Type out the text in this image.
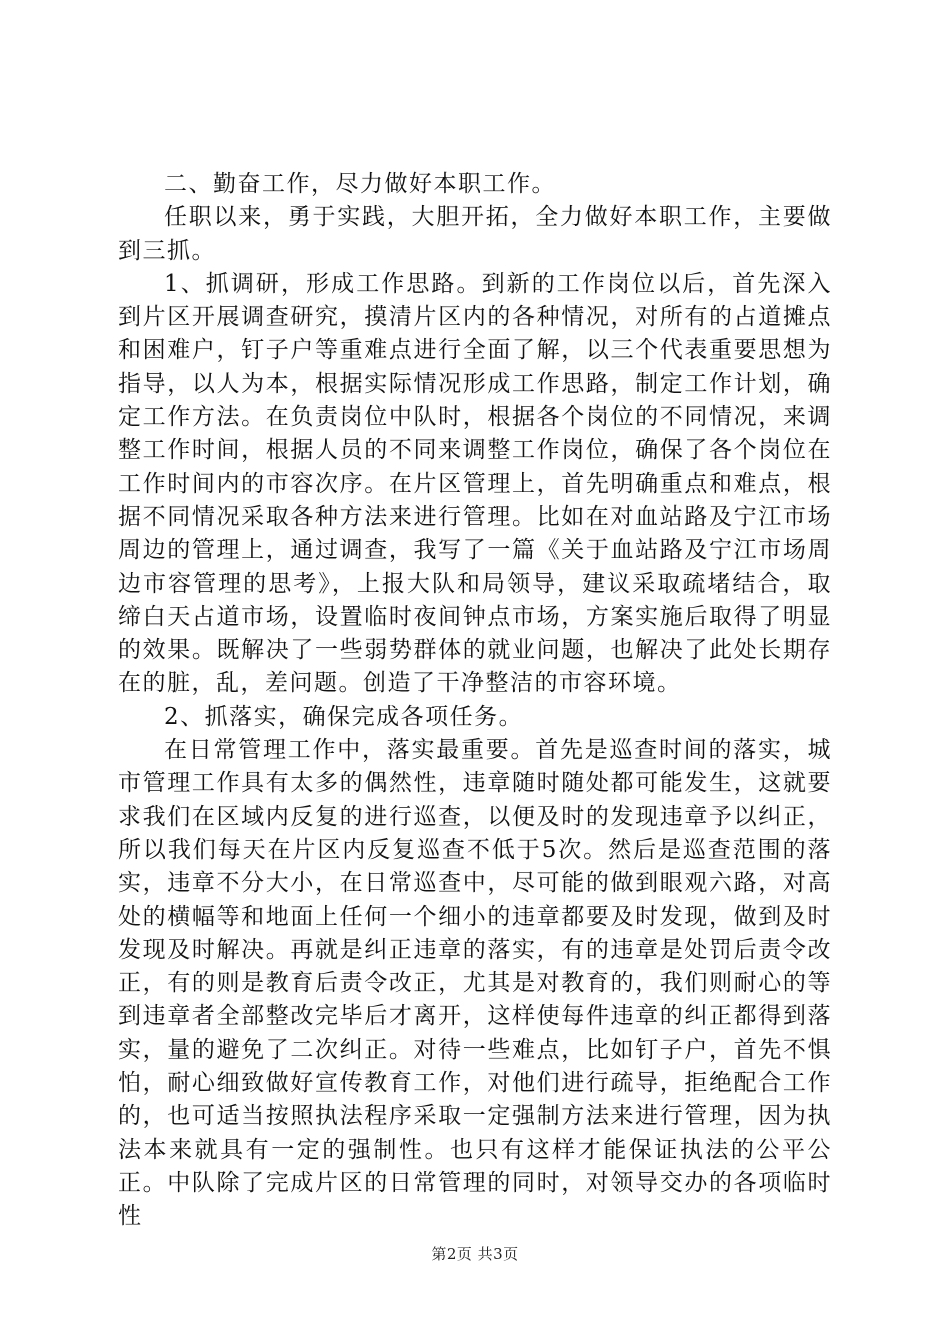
二、勤奋工作，尽力做好本职工作。

任职以来，勇于实践，大胆开拓，全力做好本职工作，主要做到三抓。

1、抓调研，形成工作思路。到新的工作岗位以后，首先深入到片区开展调查研究，摸清片区内的各种情况，对所有的占道摊点和困难户，钉子户等重难点进行全面了解，以三个代表重要思想为指导，以人为本，根据实际情况形成工作思路，制定工作计划，确定工作方法。在负责岗位中队时，根据各个岗位的不同情况，来调整工作时间，根据人员的不同来调整工作岗位，确保了各个岗位在工作时间内的市容次序。在片区管理上，首先明确重点和难点，根据不同情况采取各种方法来进行管理。比如在对血站路及宁江市场周边的管理上，通过调查，我写了一篇《关于血站路及宁江市场周边市容管理的思考》，上报大队和局领导，建议采取疏堵结合，取缔白天占道市场，设置临时夜间钟点市场，方案实施后取得了明显的效果。既解决了一些弱势群体的就业问题，也解决了此处长期存在的脏，乱，差问题。创造了干净整洁的市容环境。

2、抓落实，确保完成各项任务。

在日常管理工作中，落实最重要。首先是巡查时间的落实，城市管理工作具有太多的偶然性，违章随时随处都可能发生，这就要求我们在区域内反复的进行巡查，以便及时的发现违章予以纠正，所以我们每天在片区内反复巡查不低于5次。然后是巡查范围的落实，违章不分大小，在日常巡查中，尽可能的做到眼观六路，对高处的横幅等和地面上任何一个细小的违章都要及时发现，做到及时发现及时解决。再就是纠正违章的落实，有的违章是处罚后责令改正，有的则是教育后责令改正，尤其是对教育的，我们则耐心的等到违章者全部整改完毕后才离开，这样使每件违章的纠正都得到落实，量的避免了二次纠正。对待一些难点，比如钉子户，首先不惧怕，耐心细致做好宣传教育工作，对他们进行疏导，拒绝配合工作的，也可适当按照执法程序采取一定强制方法来进行管理，因为执法本来就具有一定的强制性。也只有这样才能保证执法的公平公正。中队除了完成片区的日常管理的同时，对领导交办的各项临时性

第2页 共3页
